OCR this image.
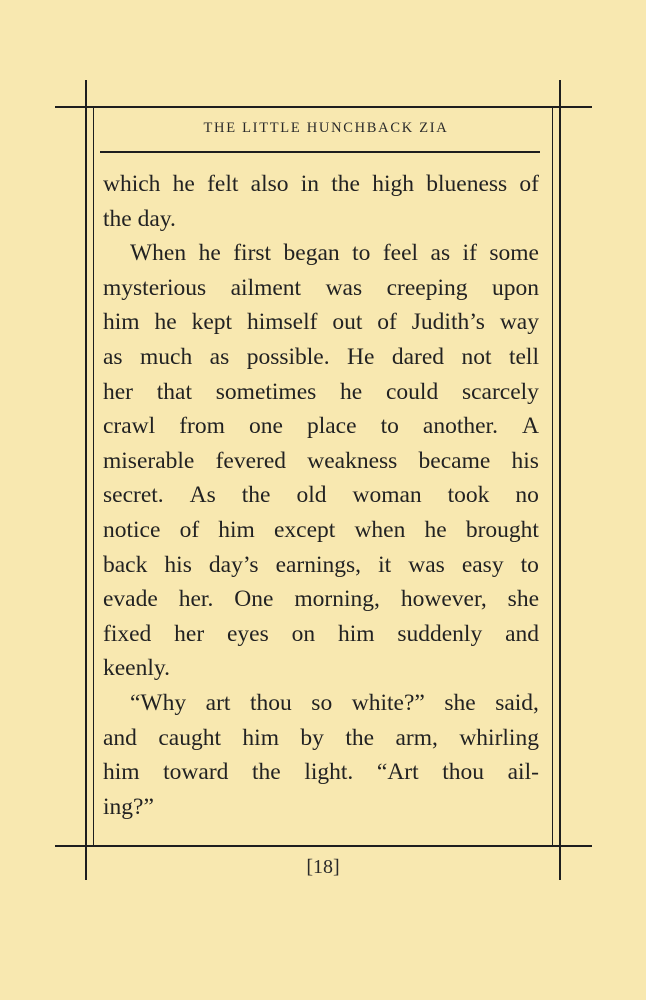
THE LITTLE HUNCHBACK ZIA
which he felt also in the high blueness of
the day.
When he first began to feel as if some
mysterious ailment was creeping upon
him he kept himself out of Judith’s way
as much as possible. He dared not tell
her that sometimes he could scarcely
crawl from one place to another. A
miserable fevered weakness became his
secret. As the old woman took no
notice of him except when he brought
back his day’s earnings, it was easy to
evade her. One morning, however, she
fixed her eyes on him suddenly and
keenly.
“Why art thou so white?” she said,
and caught him by the arm, whirling
him toward the light. “Art thou ail-
ing?”
[18]
